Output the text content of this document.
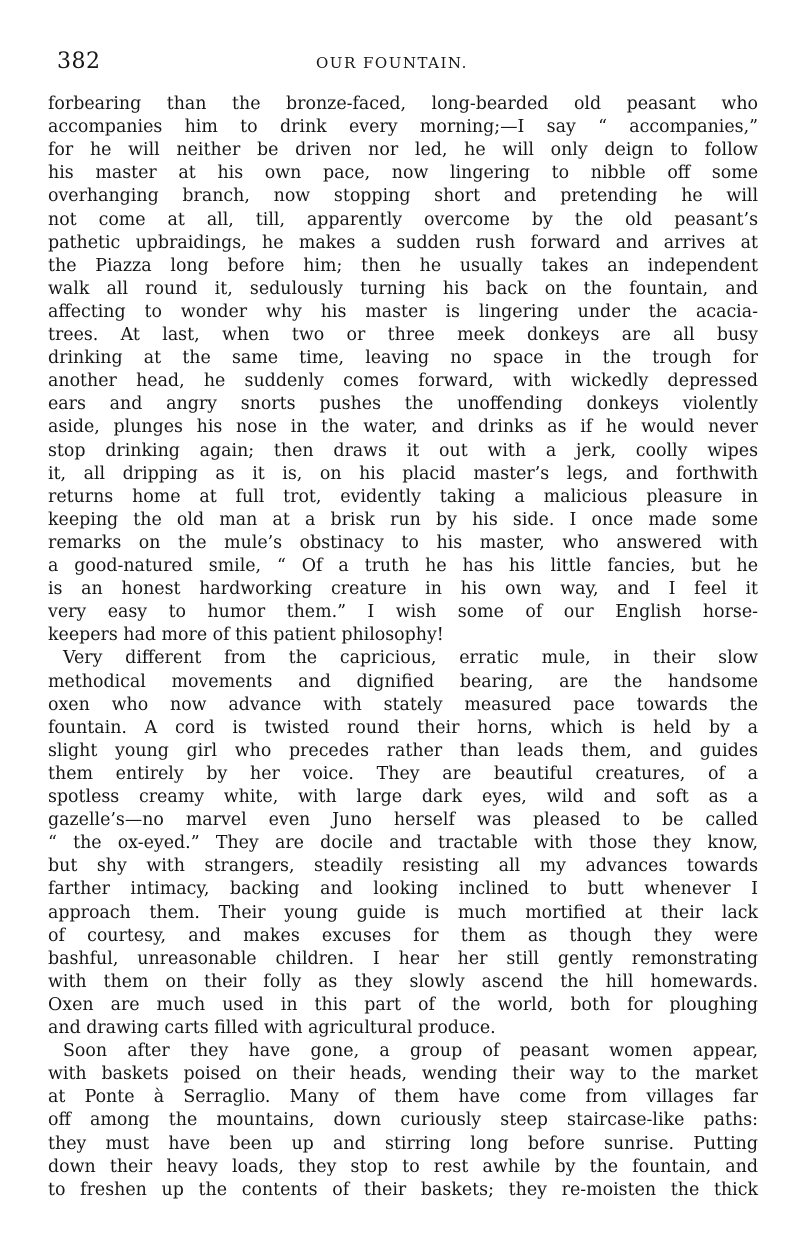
382	OUR FOUNTAIN.
forbearing than the bronze-faced, long-bearded old peasant who
accompanies him to drink every morning;—I say “ accompanies,”
for he will neither be driven nor led, he will only deign to follow
his master at his own pace, now lingering to nibble off some
overhanging branch, now stopping short and pretending he will
not come at all, till, apparently overcome by the old peasant’s
pathetic upbraidings, he makes a sudden rush forward and arrives at
the Piazza long before him; then he usually takes an independent
walk all round it, sedulously turning his back on the fountain, and
affecting to wonder why his master is lingering under the acacia-
trees. At last, when two or three meek donkeys are all busy
drinking at the same time, leaving no space in the trough for
another head, he suddenly comes forward, with wickedly depressed
ears and angry snorts pushes the unoffending donkeys violently
aside, plunges his nose in the water, and drinks as if he would never
stop drinking again; then draws it out with a jerk, coolly wipes
it, all dripping as it is, on his placid master’s legs, and forthwith
returns home at full trot, evidently taking a malicious pleasure in
keeping the old man at a brisk run by his side. I once made some
remarks on the mule’s obstinacy to his master, who answered with
a good-natured smile, “ Of a truth he has his little fancies, but he
is an honest hardworking creature in his own way, and I feel it
very easy to humor them.” I wish some of our English horse-
keepers had more of this patient philosophy!
Very different from the capricious, erratic mule, in their slow
methodical movements and dignified bearing, are the handsome
oxen who now advance with stately measured pace towards the
fountain. A cord is twisted round their horns, which is held by a
slight young girl who precedes rather than leads them, and guides
them entirely by her voice. They are beautiful creatures, of a
spotless creamy white, with large dark eyes, wild and soft as a
gazelle’s—no marvel even Juno herself was pleased to be called
“ the ox-eyed.” They are docile and tractable with those they know,
but shy with strangers, steadily resisting all my advances towards
farther intimacy, backing and looking inclined to butt whenever I
approach them. Their young guide is much mortified at their lack
of courtesy, and makes excuses for them as though they were
bashful, unreasonable children. I hear her still gently remonstrating
with them on their folly as they slowly ascend the hill homewards.
Oxen are much used in this part of the world, both for ploughing
and drawing carts filled with agricultural produce.
Soon after they have gone, a group of peasant women appear,
with baskets poised on their heads, wending their way to the market
at Ponte à Serraglio. Many of them have come from villages far
off among the mountains, down curiously steep staircase-like paths:
they must have been up and stirring long before sunrise. Putting
down their heavy loads, they stop to rest awhile by the fountain, and
to freshen up the contents of their baskets; they re-moisten the thick
